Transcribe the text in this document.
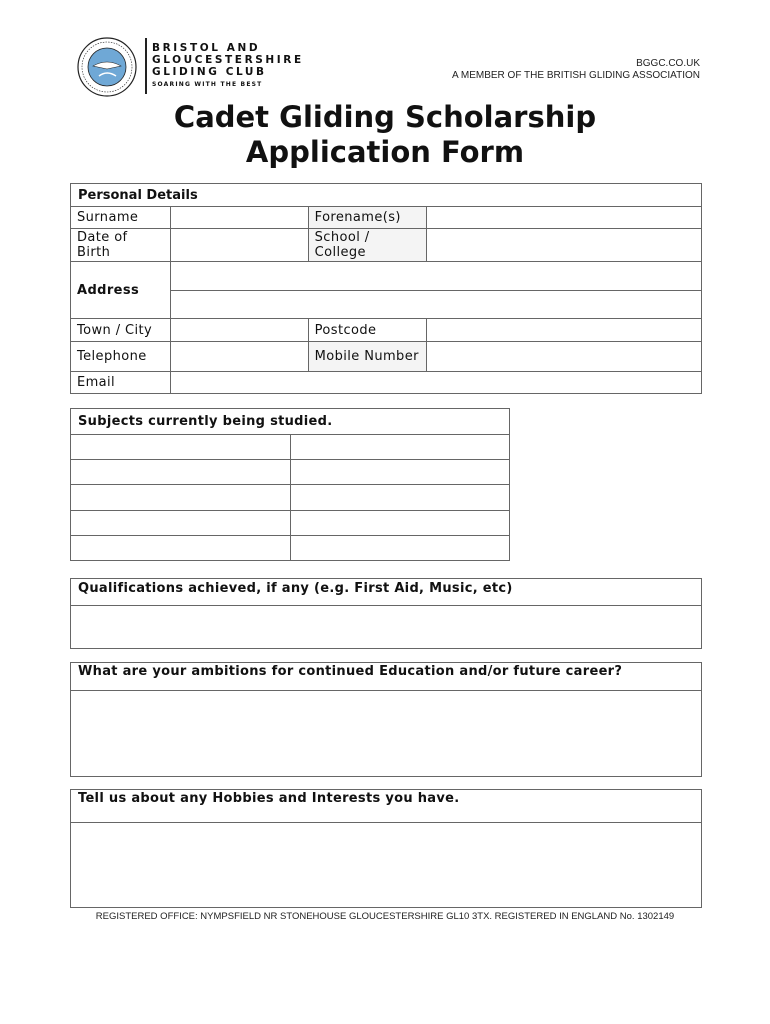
BRISTOL AND
GLOUCESTERSHIRE
GLIDING CLUB
SOARING WITH THE BEST
BGGC.CO.UK
A MEMBER OF THE BRITISH GLIDING ASSOCIATION
Cadet Gliding Scholarship
Application Form
Personal Details			
Surname		Forename(s)	
Date of Birth		School / College	
Address			

Town / City		Postcode	
Telephone		Mobile Number	
Email			
Subjects currently being studied.	

Qualifications achieved, if any (e.g. First Aid, Music, etc)
What are your ambitions for continued Education and/or future career?
Tell us about any Hobbies and Interests you have.
REGISTERED OFFICE: NYMPSFIELD NR STONEHOUSE GLOUCESTERSHIRE GL10 3TX. REGISTERED IN ENGLAND No. 1302149
